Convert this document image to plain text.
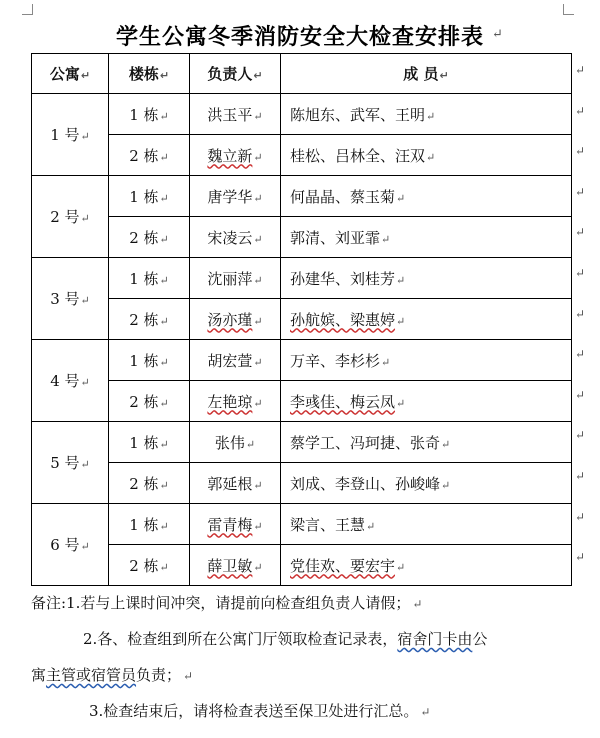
学生公寓冬季消防安全大检查安排表 ↵
公寓↵	楼栋↵	负责人↵	成 员↵
1 号↵	1 栋↵	洪玉平↵	陈旭东、武军、王明↵
	2 栋↵	魏立新↵	桂松、吕林全、汪双↵
2 号↵	1 栋↵	唐学华↵	何晶晶、蔡玉菊↵
	2 栋↵	宋凌云↵	郭清、刘亚霏↵
3 号↵	1 栋↵	沈丽萍↵	孙建华、刘桂芳↵
	2 栋↵	汤亦瑾↵	孙航嫔、梁惠婷↵
4 号↵	1 栋↵	胡宏萱↵	万辛、李杉杉↵
	2 栋↵	左艳琼↵	李彧佳、梅云凤↵
5 号↵	1 栋↵	张伟↵	蔡学工、冯珂捷、张奇↵
	2 栋↵	郭延根↵	刘成、李登山、孙峻峰↵
6 号↵	1 栋↵	雷青梅↵	梁言、王慧↵
	2 栋↵	薛卫敏↵	党佳欢、要宏宇↵
备注:1.若与上课时间冲突，请提前向检查组负责人请假； ↵
2.各、检查组到所在公寓门厅领取检查记录表，宿舍门卡由公
寓主管或宿管员负责； ↵
3.检查结束后，请将检查表送至保卫处进行汇总。 ↵
↵
↵
↵
↵
↵
↵
↵
↵
↵
↵
↵
↵
↵
